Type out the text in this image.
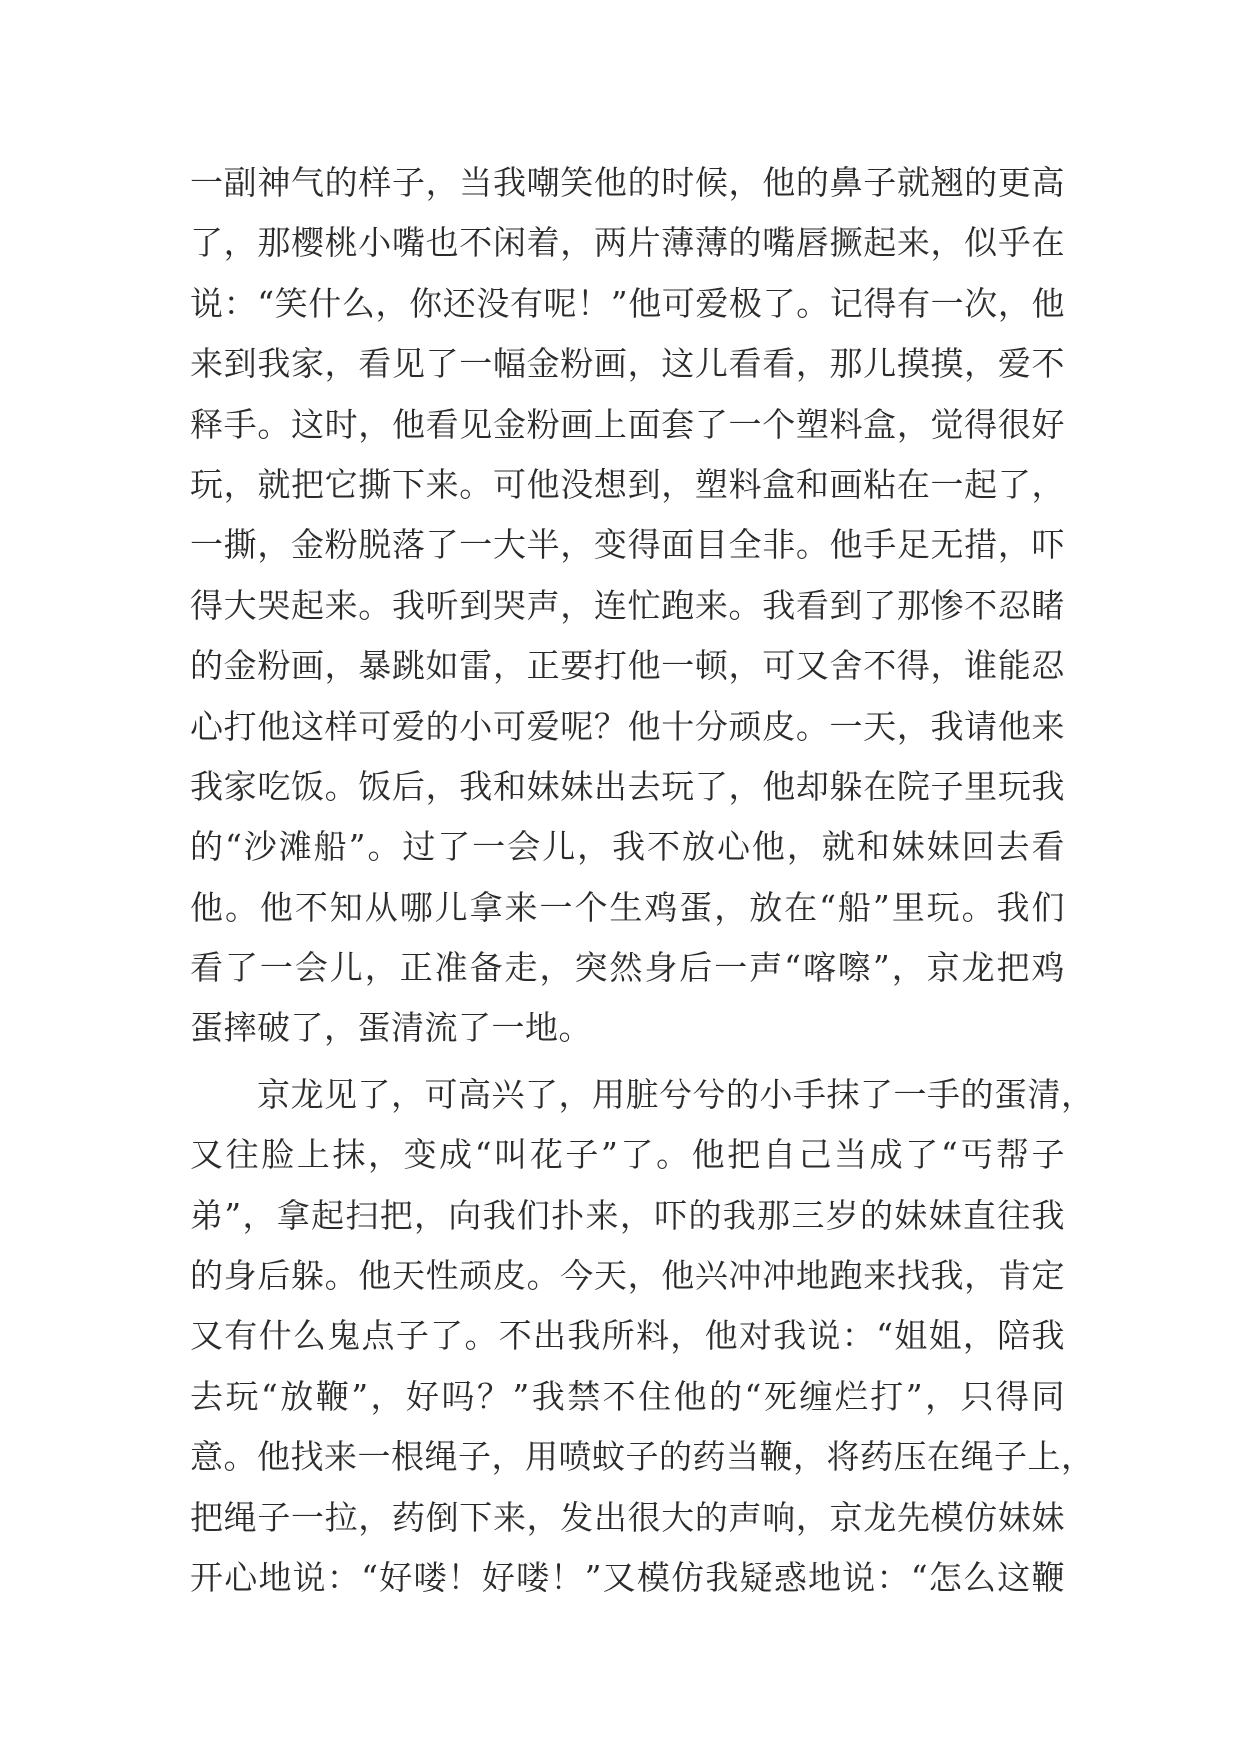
一副神气的样子，当我嘲笑他的时候，他的鼻子就翘的更高
了，那樱桃小嘴也不闲着，两片薄薄的嘴唇撅起来，似乎在
说：“笑什么，你还没有呢！”他可爱极了。记得有一次，他
来到我家，看见了一幅金粉画，这儿看看，那儿摸摸，爱不
释手。这时，他看见金粉画上面套了一个塑料盒，觉得很好
玩，就把它撕下来。可他没想到，塑料盒和画粘在一起了，
一撕，金粉脱落了一大半，变得面目全非。他手足无措，吓
得大哭起来。我听到哭声，连忙跑来。我看到了那惨不忍睹
的金粉画，暴跳如雷，正要打他一顿，可又舍不得，谁能忍
心打他这样可爱的小可爱呢？他十分顽皮。一天，我请他来
我家吃饭。饭后，我和妹妹出去玩了，他却躲在院子里玩我
的“沙滩船”。过了一会儿，我不放心他，就和妹妹回去看
他。他不知从哪儿拿来一个生鸡蛋，放在“船”里玩。我们
看了一会儿，正准备走，突然身后一声“喀嚓”，京龙把鸡
蛋摔破了，蛋清流了一地。
　　京龙见了，可高兴了，用脏兮兮的小手抹了一手的蛋清，
又往脸上抹，变成“叫花子”了。他把自己当成了“丐帮子
弟”，拿起扫把，向我们扑来，吓的我那三岁的妹妹直往我
的身后躲。他天性顽皮。今天，他兴冲冲地跑来找我，肯定
又有什么鬼点子了。不出我所料，他对我说：“姐姐，陪我
去玩“放鞭”，好吗？”我禁不住他的“死缠烂打”，只得同
意。他找来一根绳子，用喷蚊子的药当鞭，将药压在绳子上，
把绳子一拉，药倒下来，发出很大的声响，京龙先模仿妹妹
开心地说：“好喽！好喽！”又模仿我疑惑地说：“怎么这鞭
